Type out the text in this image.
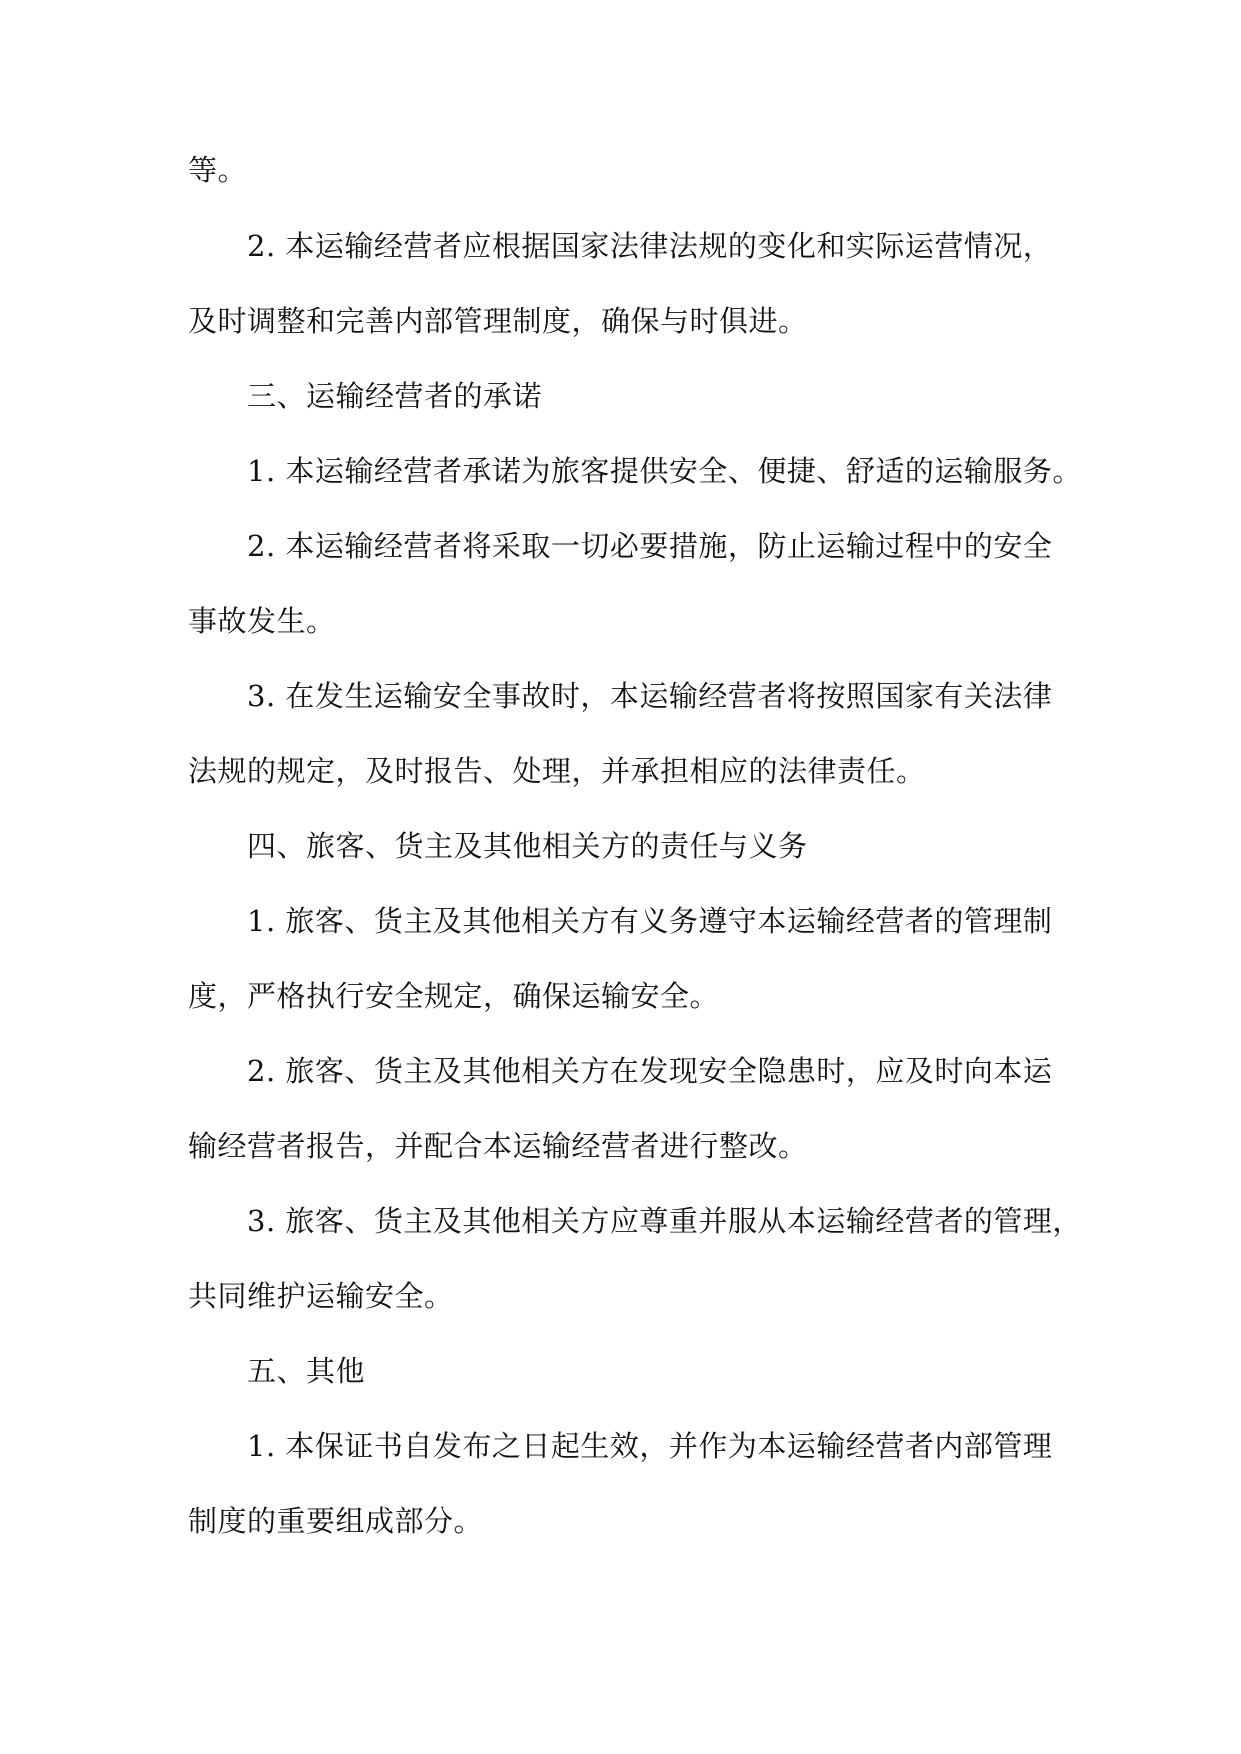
等。
2. 本运输经营者应根据国家法律法规的变化和实际运营情况，
及时调整和完善内部管理制度，确保与时俱进。
三、运输经营者的承诺
1. 本运输经营者承诺为旅客提供安全、便捷、舒适的运输服务。
2. 本运输经营者将采取一切必要措施，防止运输过程中的安全
事故发生。
3. 在发生运输安全事故时，本运输经营者将按照国家有关法律
法规的规定，及时报告、处理，并承担相应的法律责任。
四、旅客、货主及其他相关方的责任与义务
1. 旅客、货主及其他相关方有义务遵守本运输经营者的管理制
度，严格执行安全规定，确保运输安全。
2. 旅客、货主及其他相关方在发现安全隐患时，应及时向本运
输经营者报告，并配合本运输经营者进行整改。
3. 旅客、货主及其他相关方应尊重并服从本运输经营者的管理，
共同维护运输安全。
五、其他
1. 本保证书自发布之日起生效，并作为本运输经营者内部管理
制度的重要组成部分。
